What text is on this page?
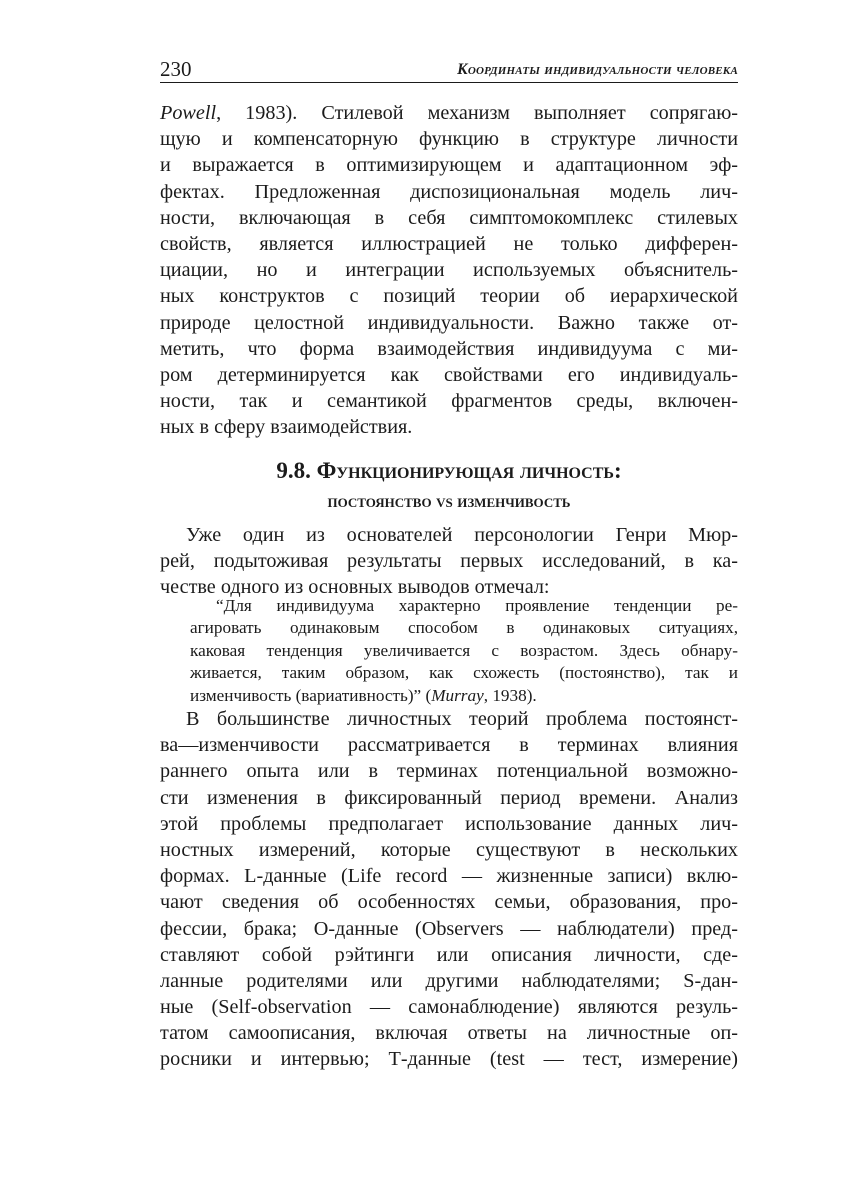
230	Координаты индивидуальности человека
Powell, 1983). Стилевой механизм выполняет сопрягаю-
щую и компенсаторную функцию в структуре личности
и выражается в оптимизирующем и адаптационном эф-
фектах. Предложенная диспозициональная модель лич-
ности, включающая в себя симптомокомплекс стилевых
свойств, является иллюстрацией не только дифферен-
циации, но и интеграции используемых объяснитель-
ных конструктов с позиций теории об иерархической
природе целостной индивидуальности. Важно также от-
метить, что форма взаимодействия индивидуума с ми-
ром детерминируется как свойствами его индивидуаль-
ности, так и семантикой фрагментов среды, включен-
ных в сферу взаимодействия.
9.8. Функционирующая личность:
постоянство vs изменчивость
Уже один из основателей персонологии Генри Мюр-
рей, подытоживая результаты первых исследований, в ка-
честве одного из основных выводов отмечал:
“Для индивидуума характерно проявление тенденции ре-
агировать одинаковым способом в одинаковых ситуациях,
каковая тенденция увеличивается с возрастом. Здесь обнару-
живается, таким образом, как схожесть (постоянство), так и
изменчивость (вариативность)” (Murray, 1938).
В большинстве личностных теорий проблема постоянст-
ва—изменчивости рассматривается в терминах влияния
раннего опыта или в терминах потенциальной возможно-
сти изменения в фиксированный период времени. Анализ
этой проблемы предполагает использование данных лич-
ностных измерений, которые существуют в нескольких
формах. L-данные (Life record — жизненные записи) вклю-
чают сведения об особенностях семьи, образования, про-
фессии, брака; О-данные (Observers — наблюдатели) пред-
ставляют собой рэйтинги или описания личности, сде-
ланные родителями или другими наблюдателями; S-дан-
ные (Self-observation — самонаблюдение) являются резуль-
татом самоописания, включая ответы на личностные оп-
росники и интервью; Т-данные (test — тест, измерение)
